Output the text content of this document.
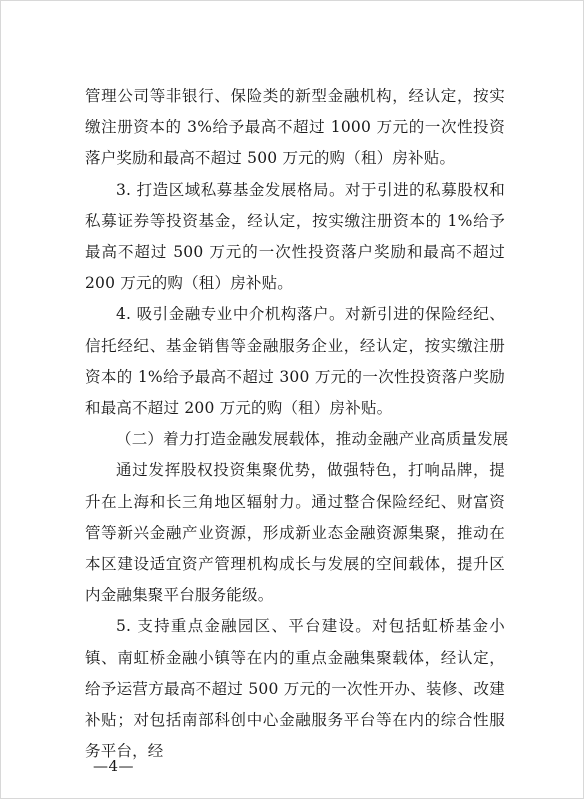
管理公司等非银行、保险类的新型金融机构，经认定，按实缴注册资本的 3%给予最高不超过 1000 万元的一次性投资落户奖励和最高不超过 500 万元的购（租）房补贴。

3. 打造区域私募基金发展格局。对于引进的私募股权和私募证券等投资基金，经认定，按实缴注册资本的 1%给予最高不超过 500 万元的一次性投资落户奖励和最高不超过 200 万元的购（租）房补贴。

4. 吸引金融专业中介机构落户。对新引进的保险经纪、信托经纪、基金销售等金融服务企业，经认定，按实缴注册资本的 1%给予最高不超过 300 万元的一次性投资落户奖励和最高不超过 200 万元的购（租）房补贴。

（二）着力打造金融发展载体，推动金融产业高质量发展

通过发挥股权投资集聚优势，做强特色，打响品牌，提升在上海和长三角地区辐射力。通过整合保险经纪、财富资管等新兴金融产业资源，形成新业态金融资源集聚，推动在本区建设适宜资产管理机构成长与发展的空间载体，提升区内金融集聚平台服务能级。

5. 支持重点金融园区、平台建设。对包括虹桥基金小镇、南虹桥金融小镇等在内的重点金融集聚载体，经认定，给予运营方最高不超过 500 万元的一次性开办、装修、改建补贴；对包括南部科创中心金融服务平台等在内的综合性服务平台，经

—4—
